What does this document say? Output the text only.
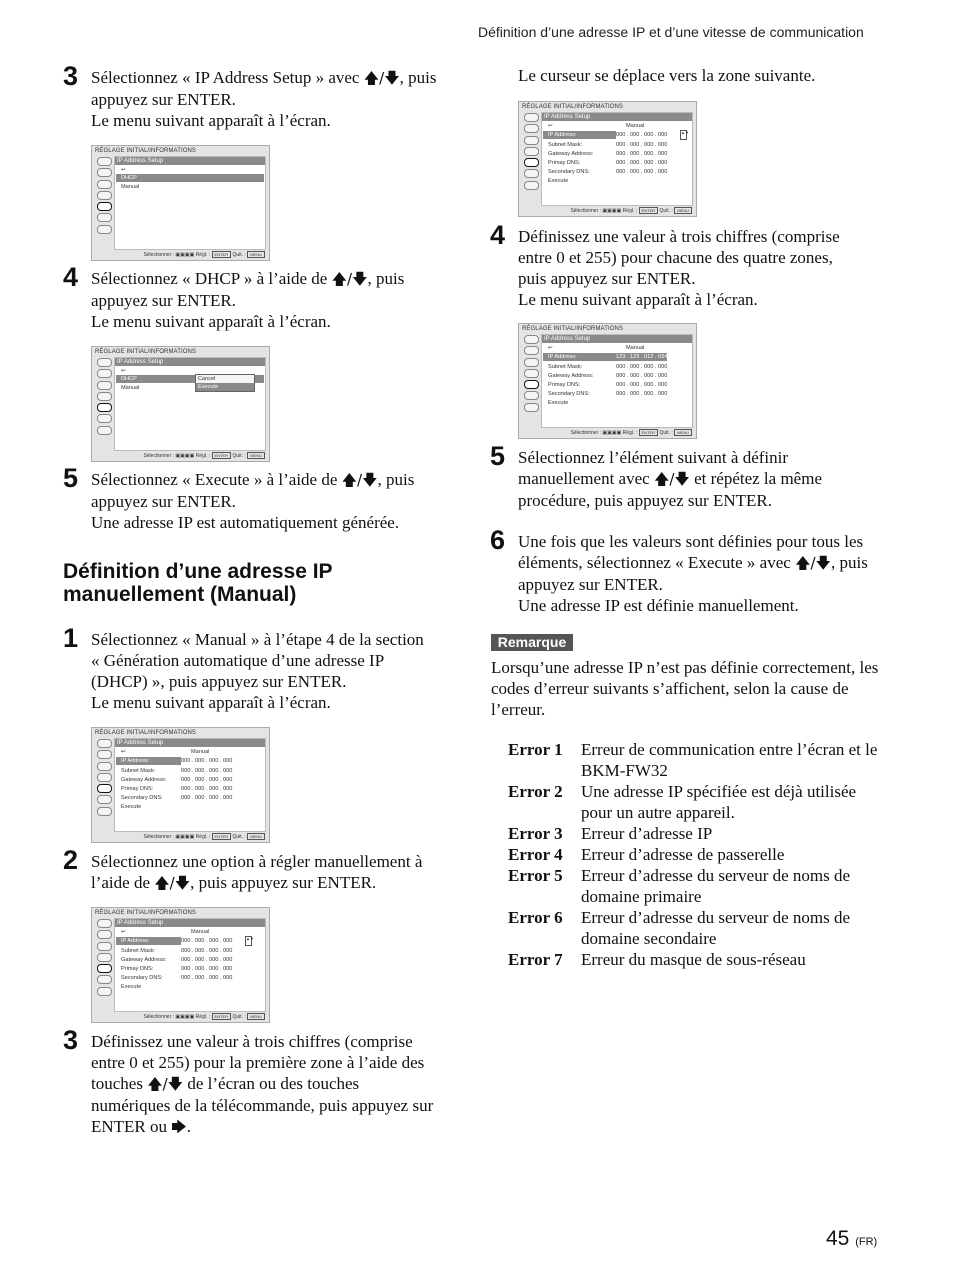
Définition d’une adresse IP et d’une vitesse de communication
Définition d’une adresse IP manuellement (Manual)
Le curseur se déplace vers la zone suivante.
Remarque
Lorsqu’une adresse IP n’est pas définie correctement, les codes d’erreur suivants s’affichent, selon la cause de l’erreur.
Error 1	Erreur de communication entre l’écran et le BKM-FW32
Error 2	Une adresse IP spécifiée est déjà utilisée pour un autre appareil.
Error 3	Erreur d’adresse IP
Error 4	Erreur d’adresse de passerelle
Error 5	Erreur d’adresse du serveur de noms de domaine primaire
Error 6	Erreur d’adresse du serveur de noms de domaine secondaire
Error 7	Erreur du masque de sous-réseau
45 (FR)
RÉGLAGE INITIAL/INFORMATIONS
Sélectionner : ▣▣▣▣ Régl. : ENTER Quit. : MENU
IP Address Setup
↩
DHCP
Manual
RÉGLAGE INITIAL/INFORMATIONS
Sélectionner : ▣▣▣▣ Régl. : ENTER Quit. : MENU
IP Address Setup
↩
DHCP
Manual
Cancel
Execute
RÉGLAGE INITIAL/INFORMATIONS
Sélectionner : ▣▣▣▣ Régl. : ENTER Quit. : MENU
IP Address Setup
↩	Manual
IP Address:	000 . 000 . 000 . 000
Subnet Mask:	000 . 000 . 000 . 000
Gateway Address:	000 . 000 . 000 . 000
Primay DNS:	000 . 000 . 000 . 000
Secondary DNS:	000 . 000 . 000 . 000
Execute
RÉGLAGE INITIAL/INFORMATIONS
Sélectionner : ▣▣▣▣ Régl. : ENTER Quit. : MENU
IP Address Setup
↩	Manual
IP Address:	000 . 000 . 000 . 000
Subnet Mask:	000 . 000 . 000 . 000
Gateway Address:	000 . 000 . 000 . 000
Primay DNS:	000 . 000 . 000 . 000
Secondary DNS:	000 . 000 . 000 . 000
Execute
▲▼
RÉGLAGE INITIAL/INFORMATIONS
Sélectionner : ▣▣▣▣ Régl. : ENTER Quit. : MENU
IP Address Setup
↩	Manual
IP Address:	000 . 000 . 000 . 000
Subnet Mask:	000 . 000 . 000 . 000
Gateway Address:	000 . 000 . 000 . 000
Primay DNS:	000 . 000 . 000 . 000
Secondary DNS:	000 . 000 . 000 . 000
Execute
▲▼
RÉGLAGE INITIAL/INFORMATIONS
Sélectionner : ▣▣▣▣ Régl. : ENTER Quit. : MENU
IP Address Setup
↩	Manual
IP Address:	123 . 123 . 012 . 034
Subnet Mask:	000 . 000 . 000 . 000
Gateway Address:	000 . 000 . 000 . 000
Primay DNS:	000 . 000 . 000 . 000
Secondary DNS:	000 . 000 . 000 . 000
Execute
3 Sélectionnez « IP Address Setup » avec 🡅/🡇, puis

appuyez sur ENTER.

Le menu suivant apparaît à l’écran.

4 Sélectionnez « DHCP » à l’aide de 🡅/🡇, puis

appuyez sur ENTER.

Le menu suivant apparaît à l’écran.

5 Sélectionnez « Execute » à l’aide de 🡅/🡇, puis

appuyez sur ENTER.

Une adresse IP est automatiquement générée.

1 Sélectionnez « Manual » à l’étape 4 de la section

« Génération automatique d’une adresse IP

(DHCP) », puis appuyez sur ENTER.

Le menu suivant apparaît à l’écran.

2 Sélectionnez une option à régler manuellement à

l’aide de 🡅/🡇, puis appuyez sur ENTER.

3 Définissez une valeur à trois chiffres (comprise

entre 0 et 255) pour la première zone à l’aide des

touches 🡅/🡇 de l’écran ou des touches

numériques de la télécommande, puis appuyez sur

ENTER ou 🡆.

4 Définissez une valeur à trois chiffres (comprise

entre 0 et 255) pour chacune des quatre zones,

puis appuyez sur ENTER.

Le menu suivant apparaît à l’écran.

5 Sélectionnez l’élément suivant à définir

manuellement avec 🡅/🡇 et répétez la même

procédure, puis appuyez sur ENTER.

6 Une fois que les valeurs sont définies pour tous les

éléments, sélectionnez « Execute » avec 🡅/🡇, puis

appuyez sur ENTER.

Une adresse IP est définie manuellement.
